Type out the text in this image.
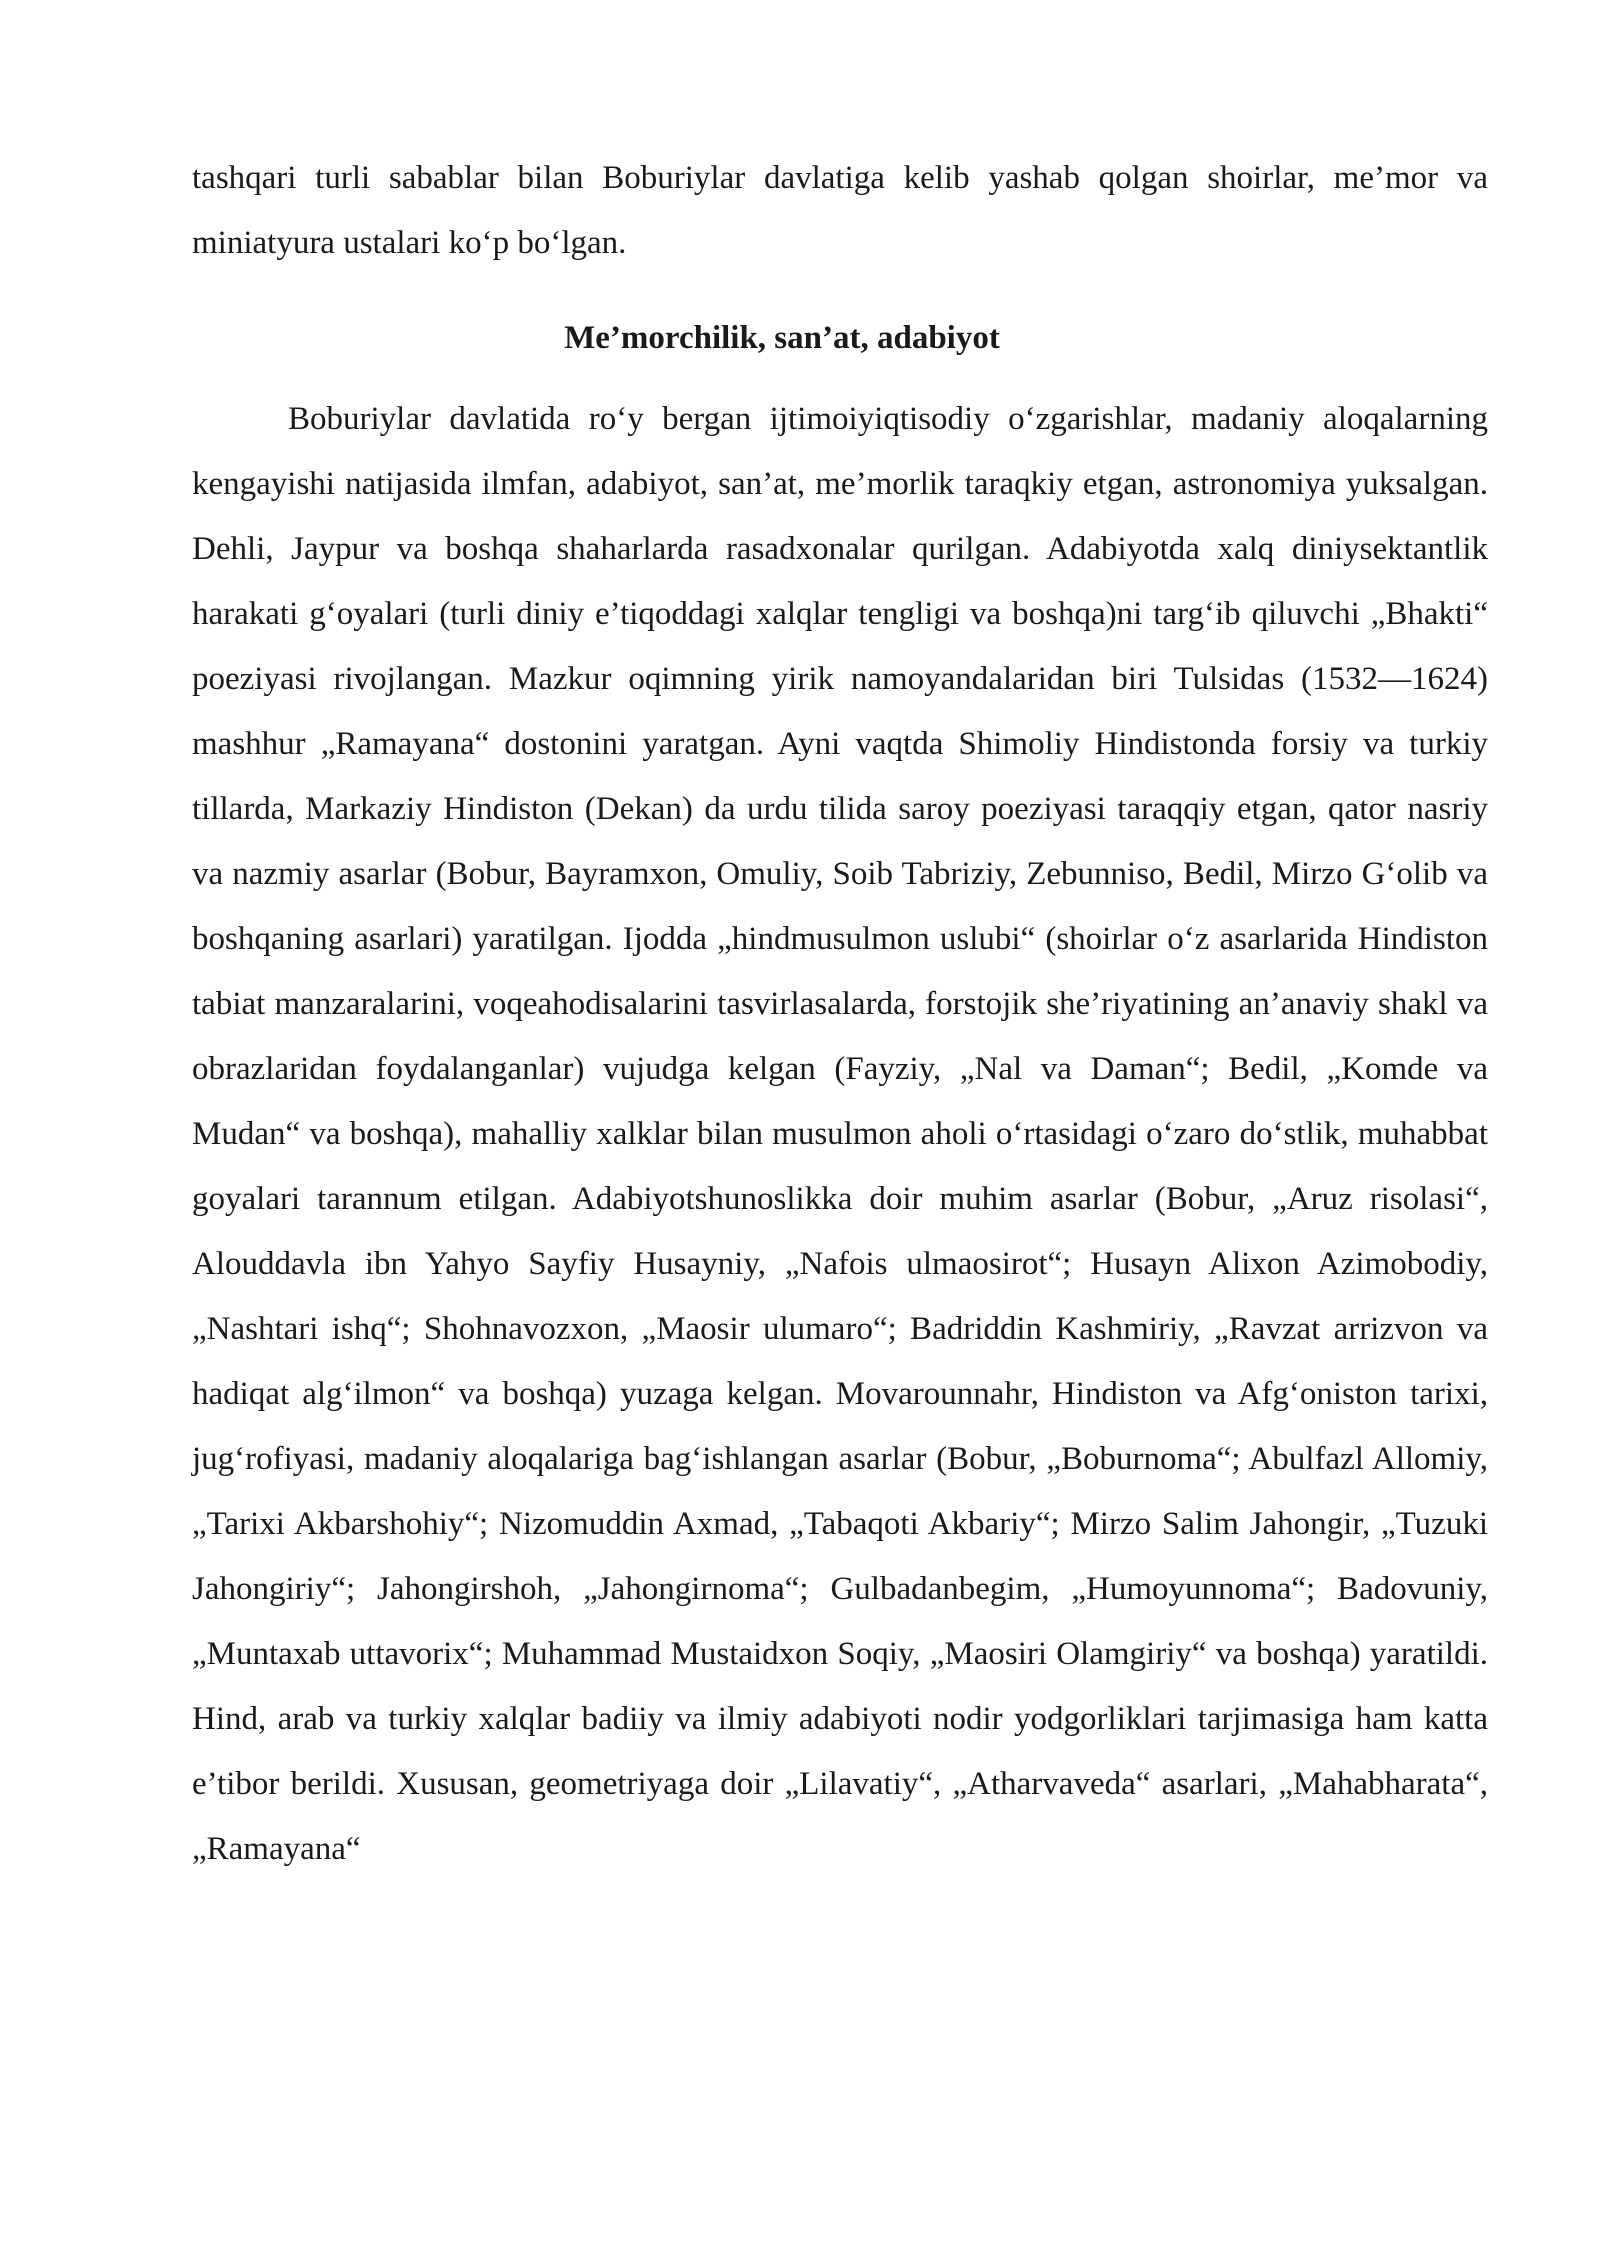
tashqari turli sabablar bilan Boburiylar davlatiga kelib yashab qolgan shoirlar, me’mor va miniatyura ustalari ko‘p bo‘lgan.

Me’morchilik, san’at, adabiyot

Boburiylar davlatida ro‘y bergan ijtimoiyiqtisodiy o‘zgarishlar, madaniy aloqalarning kengayishi natijasida ilmfan, adabiyot, san’at, me’morlik taraqkiy etgan, astronomiya yuksalgan. Dehli, Jaypur va boshqa shaharlarda rasadxonalar qurilgan. Adabiyotda xalq diniysektantlik harakati g‘oyalari (turli diniy e’tiqoddagi xalqlar tengligi va boshqa)ni targ‘ib qiluvchi „Bhakti“ poeziyasi rivojlangan. Mazkur oqimning yirik namoyandalaridan biri Tulsidas (1532—1624) mashhur „Ramayana“ dostonini yaratgan. Ayni vaqtda Shimoliy Hindistonda forsiy va turkiy tillarda, Markaziy Hindiston (Dekan) da urdu tilida saroy poeziyasi taraqqiy etgan, qator nasriy va nazmiy asarlar (Bobur, Bayramxon, Omuliy, Soib Tabriziy, Zebunniso, Bedil, Mirzo G‘olib va boshqaning asarlari) yaratilgan. Ijodda „hindmusulmon uslubi“ (shoirlar o‘z asarlarida Hindiston tabiat manzaralarini, voqeahodisalarini tasvirlasalarda, forstojik she’riyatining an’anaviy shakl va obrazlaridan foydalanganlar) vujudga kelgan (Fayziy, „Nal va Daman“; Bedil, „Komde va Mudan“ va boshqa), mahalliy xalklar bilan musulmon aholi o‘rtasidagi o‘zaro do‘stlik, muhabbat goyalari tarannum etilgan. Adabiyotshunoslikka doir muhim asarlar (Bobur, „Aruz risolasi“, Alouddavla ibn Yahyo Sayfiy Husayniy, „Nafois ulmaosirot“; Husayn Alixon Azimobodiy, „Nashtari ishq“; Shohnavozxon, „Maosir ulumaro“; Badriddin Kashmiriy, „Ravzat arrizvon va hadiqat alg‘ilmon“ va boshqa) yuzaga kelgan. Movarounnahr, Hindiston va Afg‘oniston tarixi, jug‘rofiyasi, madaniy aloqalariga bag‘ishlangan asarlar (Bobur, „Boburnoma“; Abulfazl Allomiy, „Tarixi Akbarshohiy“; Nizomuddin Axmad, „Tabaqoti Akbariy“; Mirzo Salim Jahongir, „Tuzuki Jahongiriy“; Jahongirshoh, „Jahongirnoma“; Gulbadanbegim, „Humoyunnoma“; Badovuniy, „Muntaxab uttavorix“; Muhammad Mustaidxon Soqiy, „Maosiri Olamgiriy“ va boshqa) yaratildi. Hind, arab va turkiy xalqlar badiiy va ilmiy adabiyoti nodir yodgorliklari tarjimasiga ham katta e’tibor berildi. Xususan, geometriyaga doir „Lilavatiy“, „Atharvaveda“ asarlari, „Mahabharata“, „Ramayana“
